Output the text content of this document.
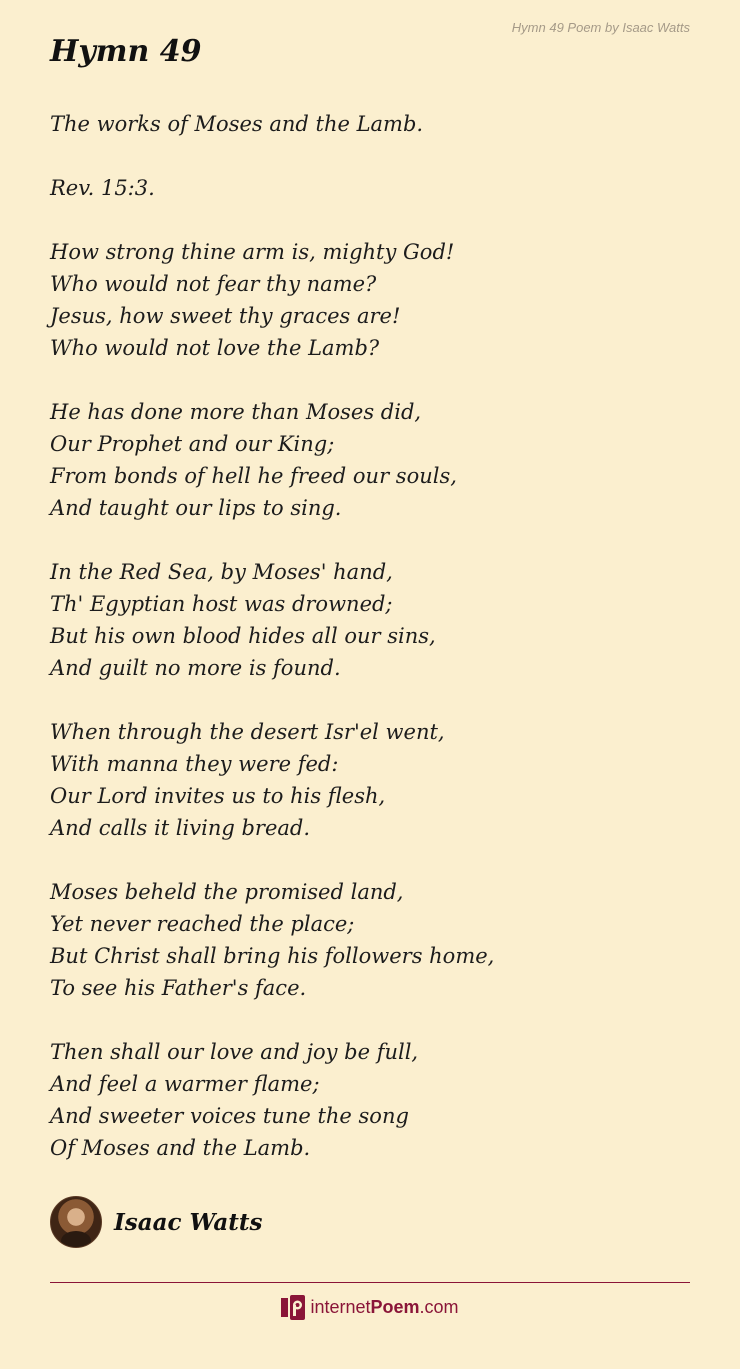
Hymn 49 Poem by Isaac Watts
Hymn 49
The works of Moses and the Lamb.
Rev. 15:3.
How strong thine arm is, mighty God!
Who would not fear thy name?
Jesus, how sweet thy graces are!
Who would not love the Lamb?
He has done more than Moses did,
Our Prophet and our King;
From bonds of hell he freed our souls,
And taught our lips to sing.
In the Red Sea, by Moses' hand,
Th' Egyptian host was drowned;
But his own blood hides all our sins,
And guilt no more is found.
When through the desert Isr'el went,
With manna they were fed:
Our Lord invites us to his flesh,
And calls it living bread.
Moses beheld the promised land,
Yet never reached the place;
But Christ shall bring his followers home,
To see his Father's face.
Then shall our love and joy be full,
And feel a warmer flame;
And sweeter voices tune the song
Of Moses and the Lamb.
Isaac Watts
internet Poem .com
